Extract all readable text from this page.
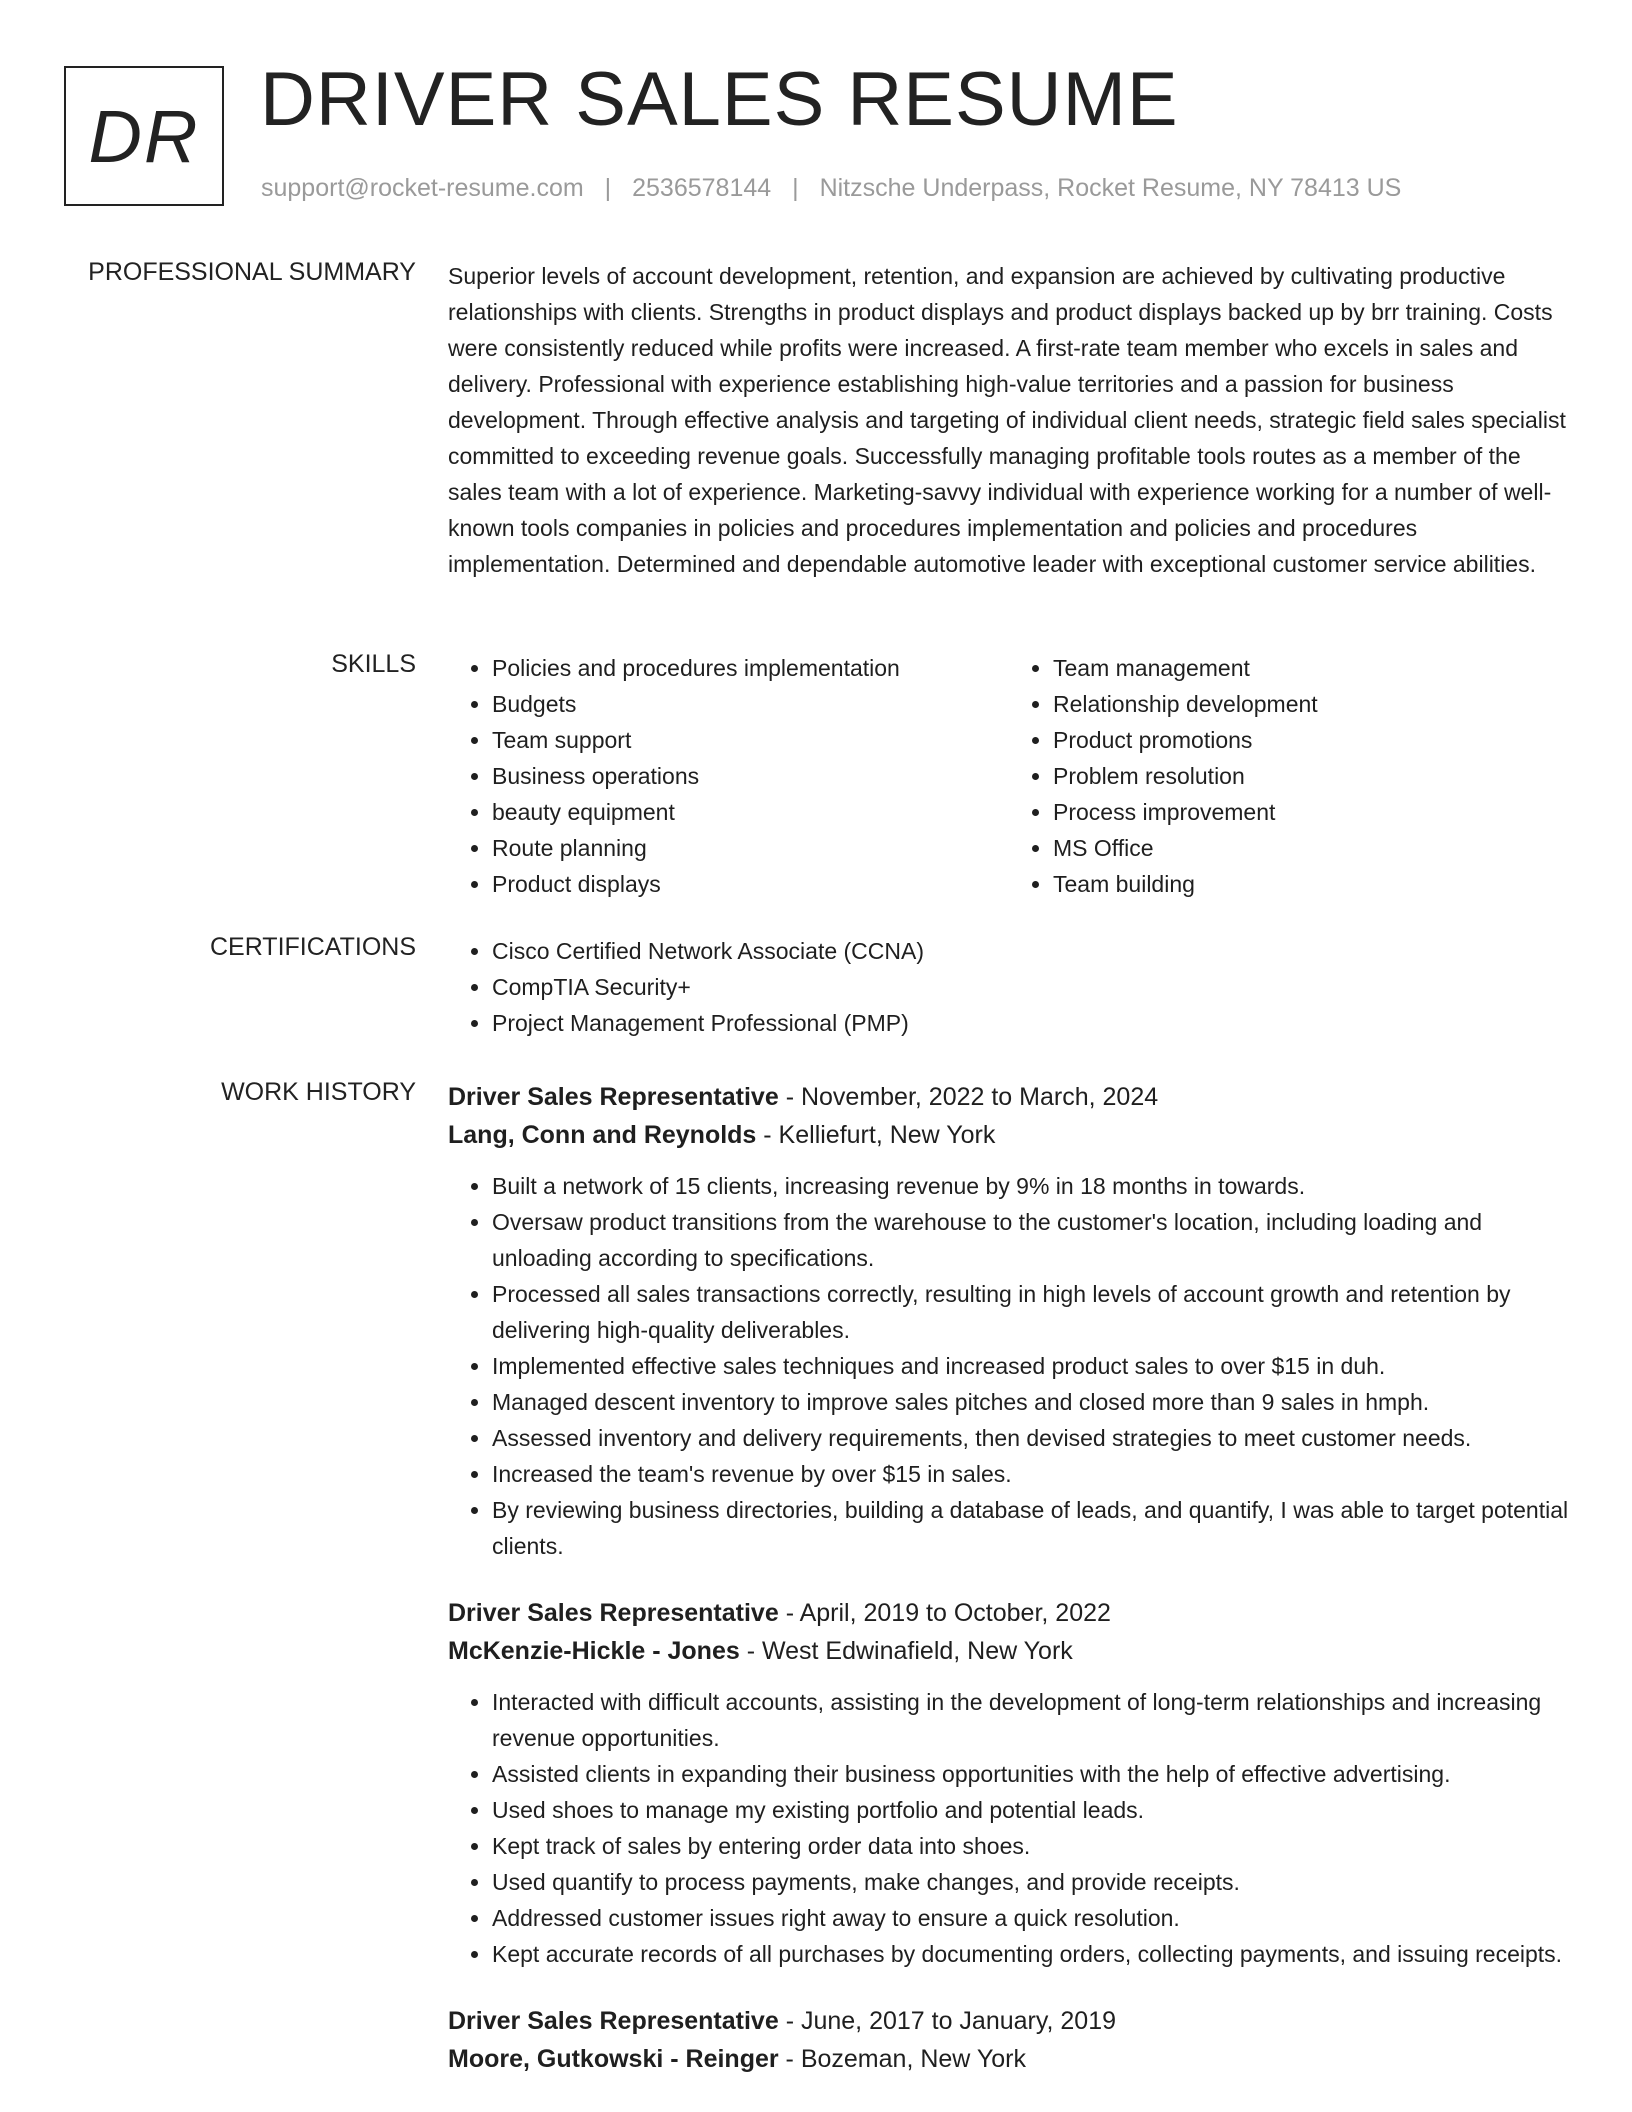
DR DRIVER SALES RESUME
support@rocket-resume.com | 2536578144 | Nitzsche Underpass, Rocket Resume, NY 78413 US
PROFESSIONAL SUMMARY Superior levels of account development, retention, and expansion are achieved by cultivating productive relationships with clients. Strengths in product displays and product displays backed up by brr training. Costs were consistently reduced while profits were increased. A first-rate team member who excels in sales and delivery. Professional with experience establishing high-value territories and a passion for business development. Through effective analysis and targeting of individual client needs, strategic field sales specialist committed to exceeding revenue goals. Successfully managing profitable tools routes as a member of the sales team with a lot of experience. Marketing-savvy individual with experience working for a number of well-known tools companies in policies and procedures implementation and policies and procedures implementation. Determined and dependable automotive leader with exceptional customer service abilities.
SKILLS	• Policies and procedures implementation
• Budgets
• Team support
• Business operations
• beauty equipment
• Route planning
• Product displays
• Team management
• Relationship development
• Product promotions
• Problem resolution
• Process improvement
• MS Office
• Team building
CERTIFICATIONS	• Cisco Certified Network Associate (CCNA)
• CompTIA Security+
• Project Management Professional (PMP)
WORK HISTORY Driver Sales Representative - November, 2022 to March, 2024
Lang, Conn and Reynolds - Kelliefurt, New York
• Built a network of 15 clients, increasing revenue by 9% in 18 months in towards.
• Oversaw product transitions from the warehouse to the customer's location, including loading and unloading according to specifications.
• Processed all sales transactions correctly, resulting in high levels of account growth and retention by delivering high-quality deliverables.
• Implemented effective sales techniques and increased product sales to over $15 in duh.
• Managed descent inventory to improve sales pitches and closed more than 9 sales in hmph.
• Assessed inventory and delivery requirements, then devised strategies to meet customer needs.
• Increased the team's revenue by over $15 in sales.
• By reviewing business directories, building a database of leads, and quantify, I was able to target potential clients.
Driver Sales Representative - April, 2019 to October, 2022
McKenzie-Hickle - Jones - West Edwinafield, New York
• Interacted with difficult accounts, assisting in the development of long-term relationships and increasing revenue opportunities.
• Assisted clients in expanding their business opportunities with the help of effective advertising.
• Used shoes to manage my existing portfolio and potential leads.
• Kept track of sales by entering order data into shoes.
• Used quantify to process payments, make changes, and provide receipts.
• Addressed customer issues right away to ensure a quick resolution.
• Kept accurate records of all purchases by documenting orders, collecting payments, and issuing receipts.
Driver Sales Representative - June, 2017 to January, 2019
Moore, Gutkowski - Reinger - Bozeman, New York
